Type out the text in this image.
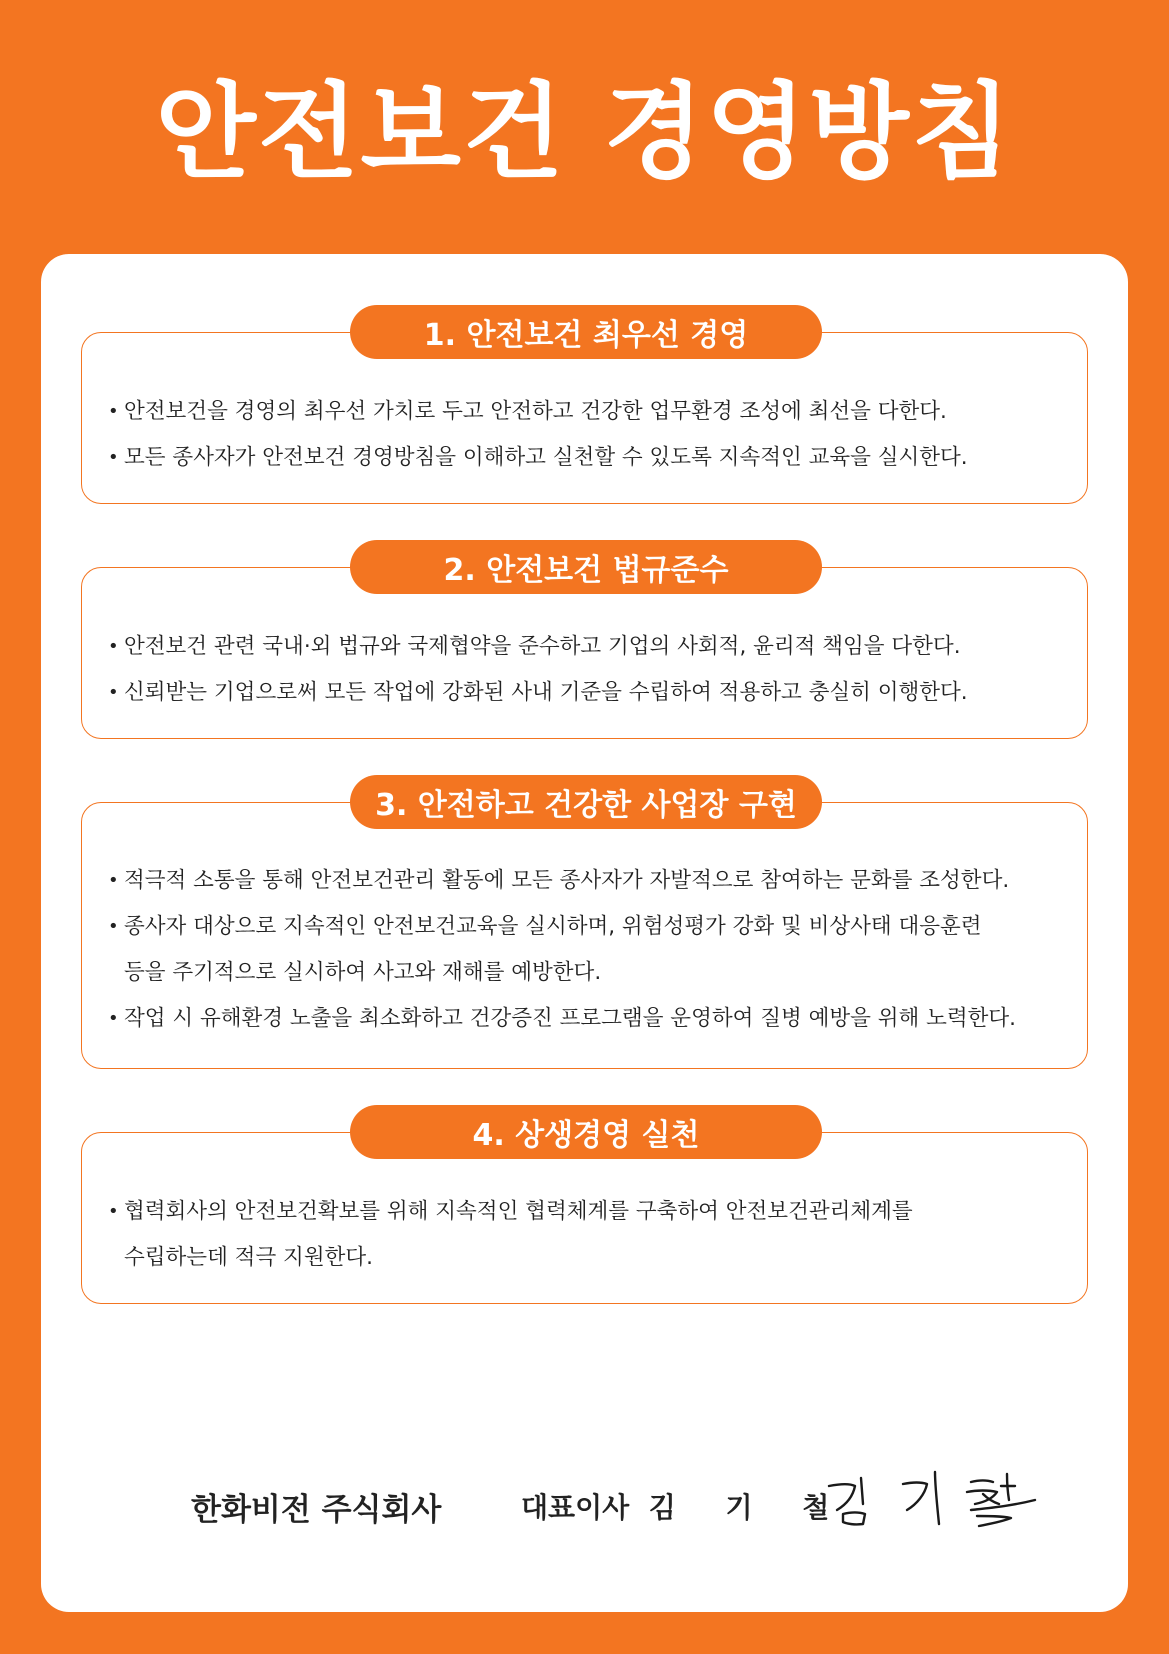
안전보건 경영방침
1. 안전보건 최우선 경영
• 안전보건을 경영의 최우선 가치로 두고 안전하고 건강한 업무환경 조성에 최선을 다한다.
• 모든 종사자가 안전보건 경영방침을 이해하고 실천할 수 있도록 지속적인 교육을 실시한다.
2. 안전보건 법규준수
• 안전보건 관련 국내·외 법규와 국제협약을 준수하고 기업의 사회적, 윤리적 책임을 다한다.
• 신뢰받는 기업으로써 모든 작업에 강화된 사내 기준을 수립하여 적용하고 충실히 이행한다.
3. 안전하고 건강한 사업장 구현
• 적극적 소통을 통해 안전보건관리 활동에 모든 종사자가 자발적으로 참여하는 문화를 조성한다.
• 종사자 대상으로 지속적인 안전보건교육을 실시하며, 위험성평가 강화 및 비상사태 대응훈련
등을 주기적으로 실시하여 사고와 재해를 예방한다.
• 작업 시 유해환경 노출을 최소화하고 건강증진 프로그램을 운영하여 질병 예방을 위해 노력한다.
4. 상생경영 실천
• 협력회사의 안전보건확보를 위해 지속적인 협력체계를 구축하여 안전보건관리체계를
수립하는데 적극 지원한다.
한화비전 주식회사	대표이사 김 기 철
